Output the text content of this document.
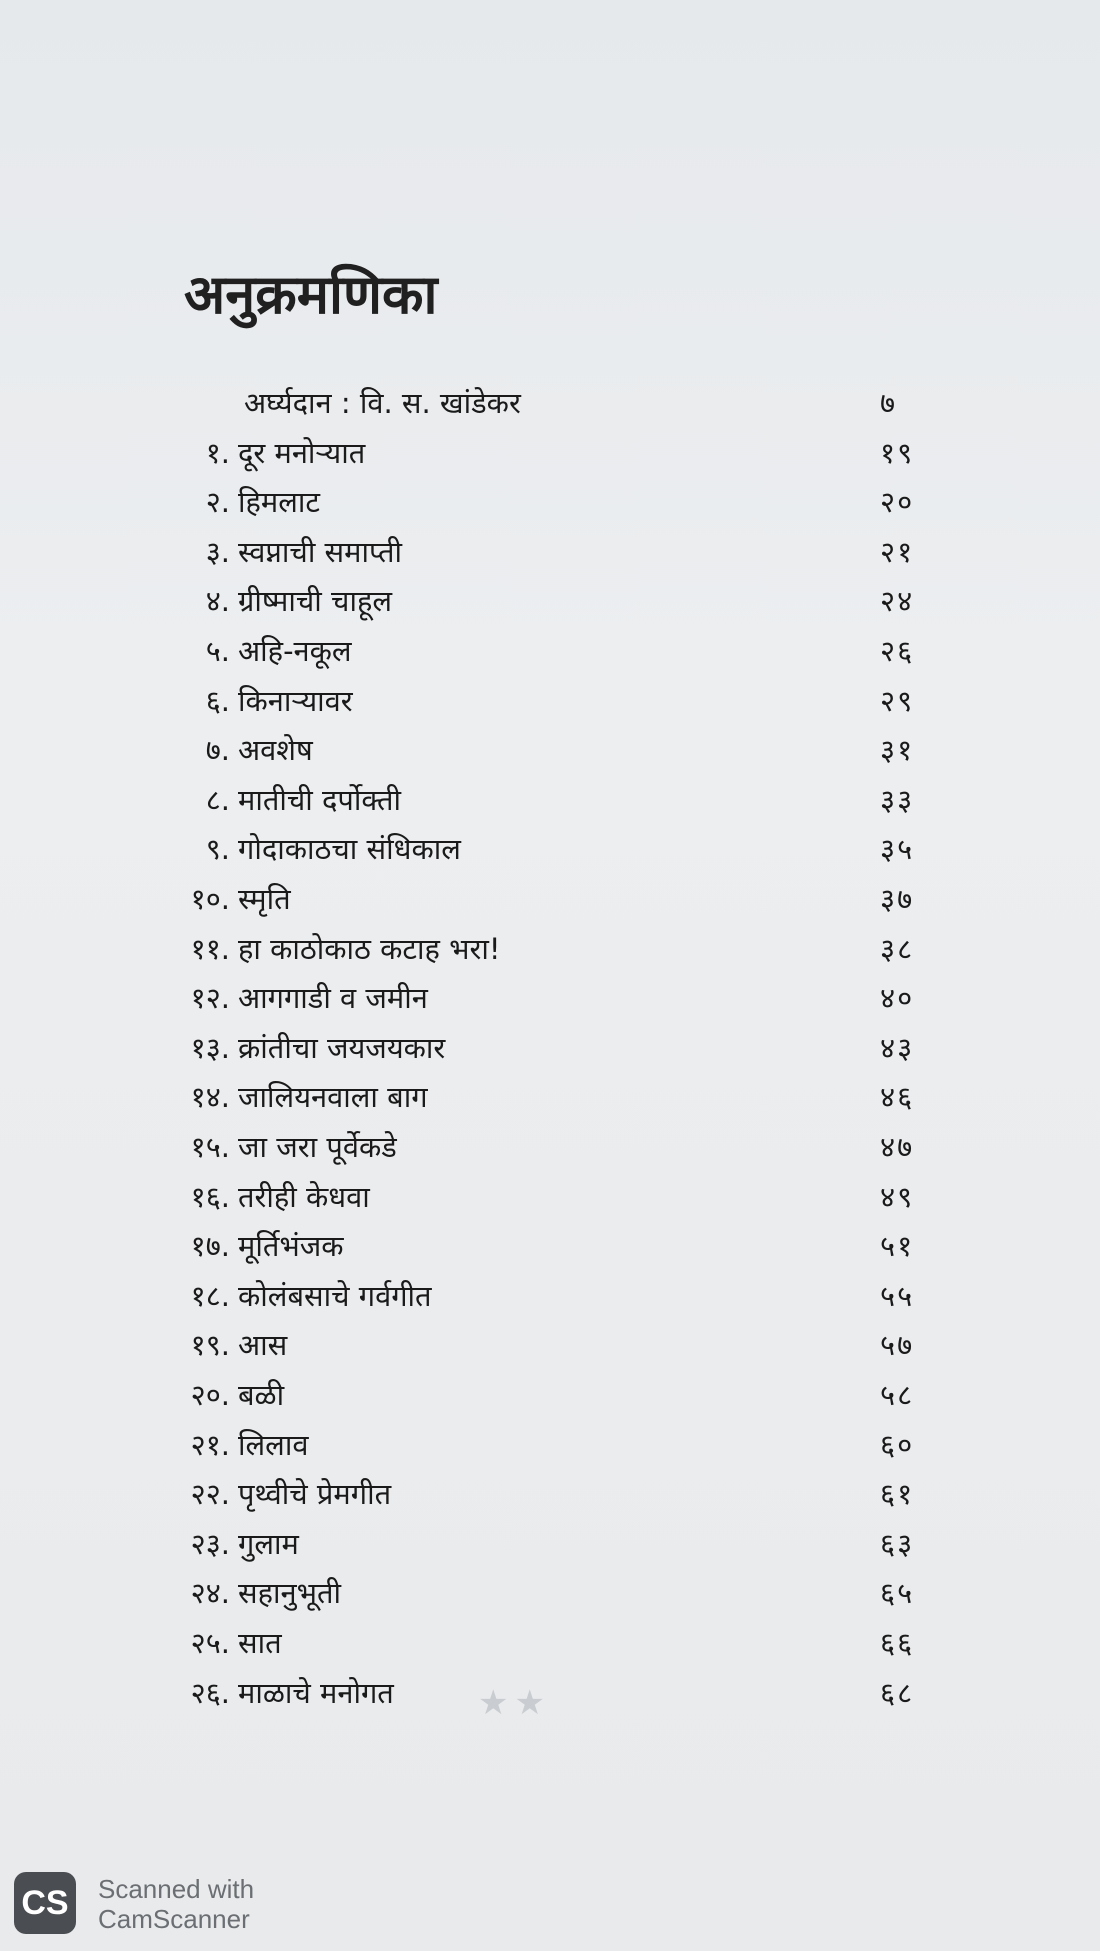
अनुक्रमणिका
अर्घ्यदान : वि. स. खांडेकर	७
१. दूर मनोऱ्यात	१९
२. हिमलाट	२०
३. स्वप्नाची समाप्ती	२१
४. ग्रीष्माची चाहूल	२४
५. अहि-नकूल	२६
६. किनाऱ्यावर	२९
७. अवशेष	३१
८. मातीची दर्पोक्ती	३३
९. गोदाकाठचा संधिकाल	३५
१०. स्मृति	३७
११. हा काठोकाठ कटाह भरा!	३८
१२. आगगाडी व जमीन	४०
१३. क्रांतीचा जयजयकार	४३
१४. जालियनवाला बाग	४६
१५. जा जरा पूर्वेकडे	४७
१६. तरीही केधवा	४९
१७. मूर्तिभंजक	५१
१८. कोलंबसाचे गर्वगीत	५५
१९. आस	५७
२०. बळी	५८
२१. लिलाव	६०
२२. पृथ्वीचे प्रेमगीत	६१
२३. गुलाम	६३
२४. सहानुभूती	६५
२५. सात	६६
२६. माळाचे मनोगत	६८
★★
CS Scanned with
CamScanner
